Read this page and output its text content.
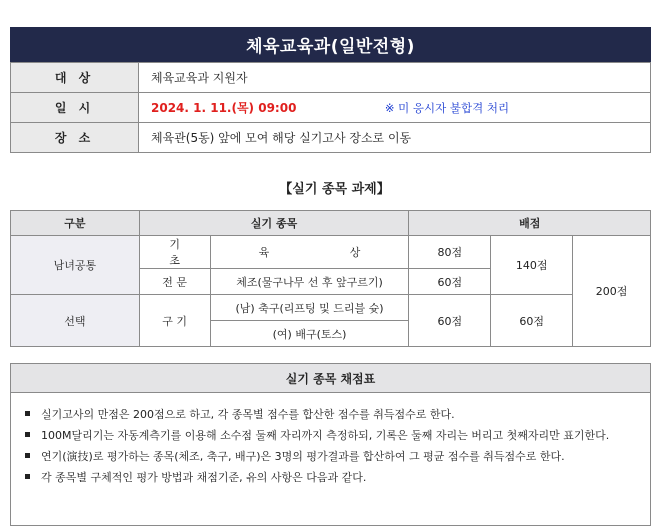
체육교육과(일반전형)
대 상	체육교육과 지원자
일 시	2024. 1. 11.(목) 09:00 ※ 미 응시자 불합격 처리
장 소	체육관(5동) 앞에 모여 해당 실기고사 장소로 이동
【실기 종목 과제】
구분	실기 종목		배점		
남녀공통	기 초	육 상	80점	140점	200점
	전 문	체조(물구나무 선 후 앞구르기)	60점		
선택	구 기	(남) 축구(리프팅 및 드리블 슛)	60점	60점	
		(여) 배구(토스)			
실기 종목 채점표
실기고사의 만점은 200점으로 하고, 각 종목별 점수를 합산한 점수를 취득점수로 한다.
100M달리기는 자동계측기를 이용해 소수점 둘째 자리까지 측정하되, 기록은 둘째 자리는 버리고 첫째자리만 표기한다.
연기(演技)로 평가하는 종목(체조, 축구, 배구)은 3명의 평가결과를 합산하여 그 평균 점수를 취득점수로 한다.
각 종목별 구체적인 평가 방법과 채점기준, 유의 사항은 다음과 같다.
